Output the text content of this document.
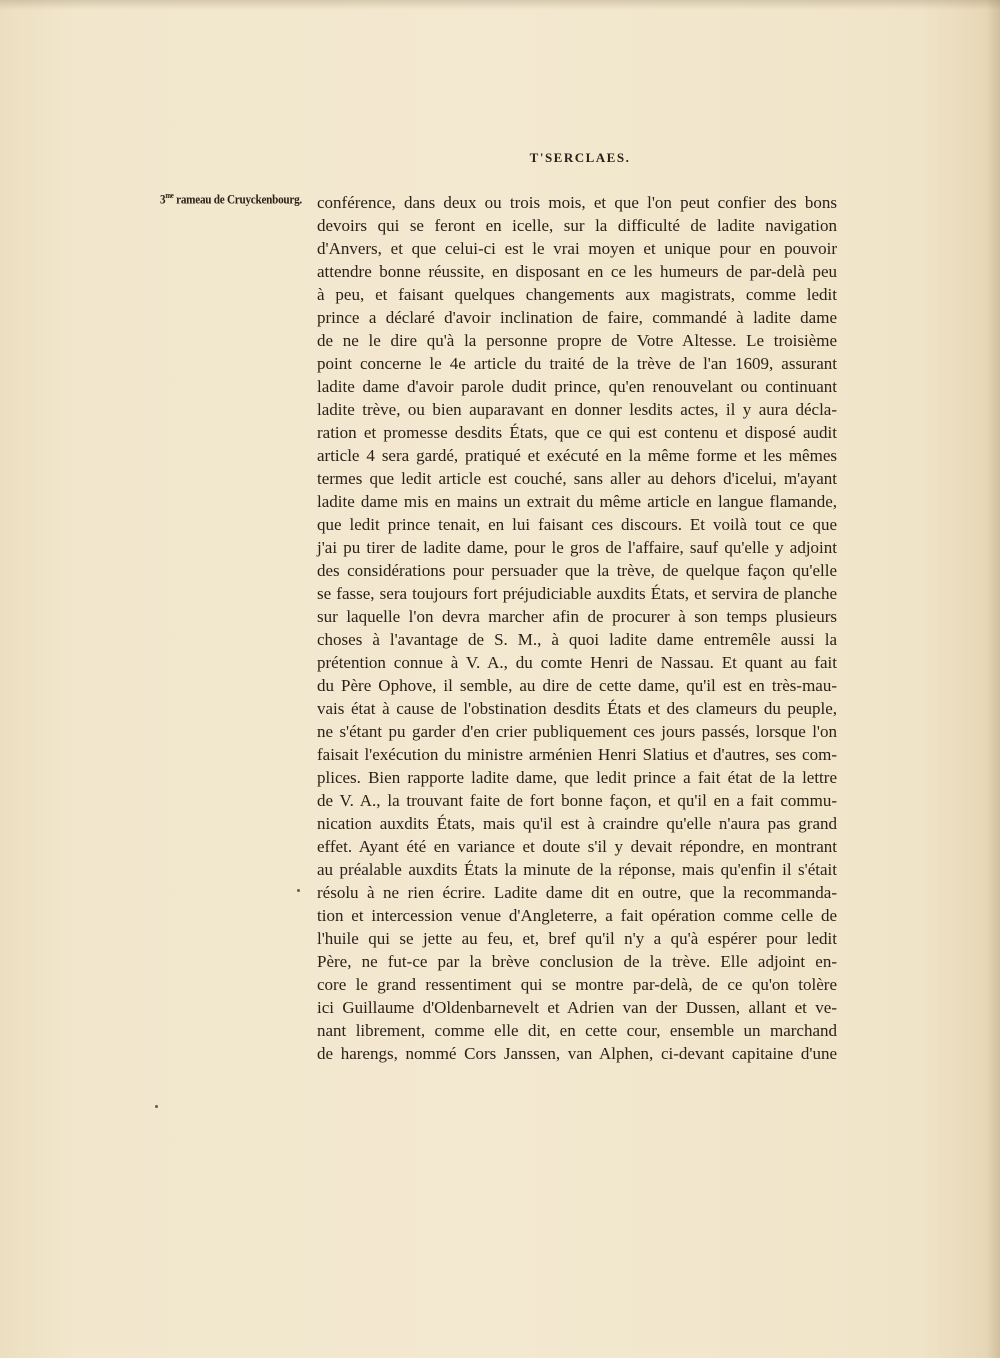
T'SERCLAES.
$3^{me}$ rameau de Cruyckenbourg. conférence, dans deux ou trois mois, et que l'on peut confier des bons
devoirs qui se feront en icelle, sur la difficulté de ladite navigation
d'Anvers, et que celui-ci est le vrai moyen et unique pour en pouvoir
attendre bonne réussite, en disposant en ce les humeurs de par-delà peu
à peu, et faisant quelques changements aux magistrats, comme ledit
prince a déclaré d'avoir inclination de faire, commandé à ladite dame
de ne le dire qu'à la personne propre de Votre Altesse. Le troisième
point concerne le 4e article du traité de la trève de l'an 1609, assurant
ladite dame d'avoir parole dudit prince, qu'en renouvelant ou continuant
ladite trève, ou bien auparavant en donner lesdits actes, il y aura décla-
ration et promesse desdits États, que ce qui est contenu et disposé audit
article 4 sera gardé, pratiqué et exécuté en la même forme et les mêmes
termes que ledit article est couché, sans aller au dehors d'icelui, m'ayant
ladite dame mis en mains un extrait du même article en langue flamande,
que ledit prince tenait, en lui faisant ces discours. Et voilà tout ce que
j'ai pu tirer de ladite dame, pour le gros de l'affaire, sauf qu'elle y adjoint
des considérations pour persuader que la trève, de quelque façon qu'elle
se fasse, sera toujours fort préjudiciable auxdits États, et servira de planche
sur laquelle l'on devra marcher afin de procurer à son temps plusieurs
choses à l'avantage de S. M., à quoi ladite dame entremêle aussi la
prétention connue à V. A., du comte Henri de Nassau. Et quant au fait
du Père Ophove, il semble, au dire de cette dame, qu'il est en très-mau-
vais état à cause de l'obstination desdits États et des clameurs du peuple,
ne s'étant pu garder d'en crier publiquement ces jours passés, lorsque l'on
faisait l'exécution du ministre arménien Henri Slatius et d'autres, ses com-
plices. Bien rapporte ladite dame, que ledit prince a fait état de la lettre
de V. A., la trouvant faite de fort bonne façon, et qu'il en a fait commu-
nication auxdits États, mais qu'il est à craindre qu'elle n'aura pas grand
effet. Ayant été en variance et doute s'il y devait répondre, en montrant
au préalable auxdits États la minute de la réponse, mais qu'enfin il s'était
résolu à ne rien écrire. Ladite dame dit en outre, que la recommanda-
tion et intercession venue d'Angleterre, a fait opération comme celle de
l'huile qui se jette au feu, et, bref qu'il n'y a qu'à espérer pour ledit
Père, ne fut-ce par la brève conclusion de la trève. Elle adjoint en-
core le grand ressentiment qui se montre par-delà, de ce qu'on tolère
ici Guillaume d'Oldenbarnevelt et Adrien van der Dussen, allant et ve-
nant librement, comme elle dit, en cette cour, ensemble un marchand
de harengs, nommé Cors Janssen, van Alphen, ci-devant capitaine d'une
